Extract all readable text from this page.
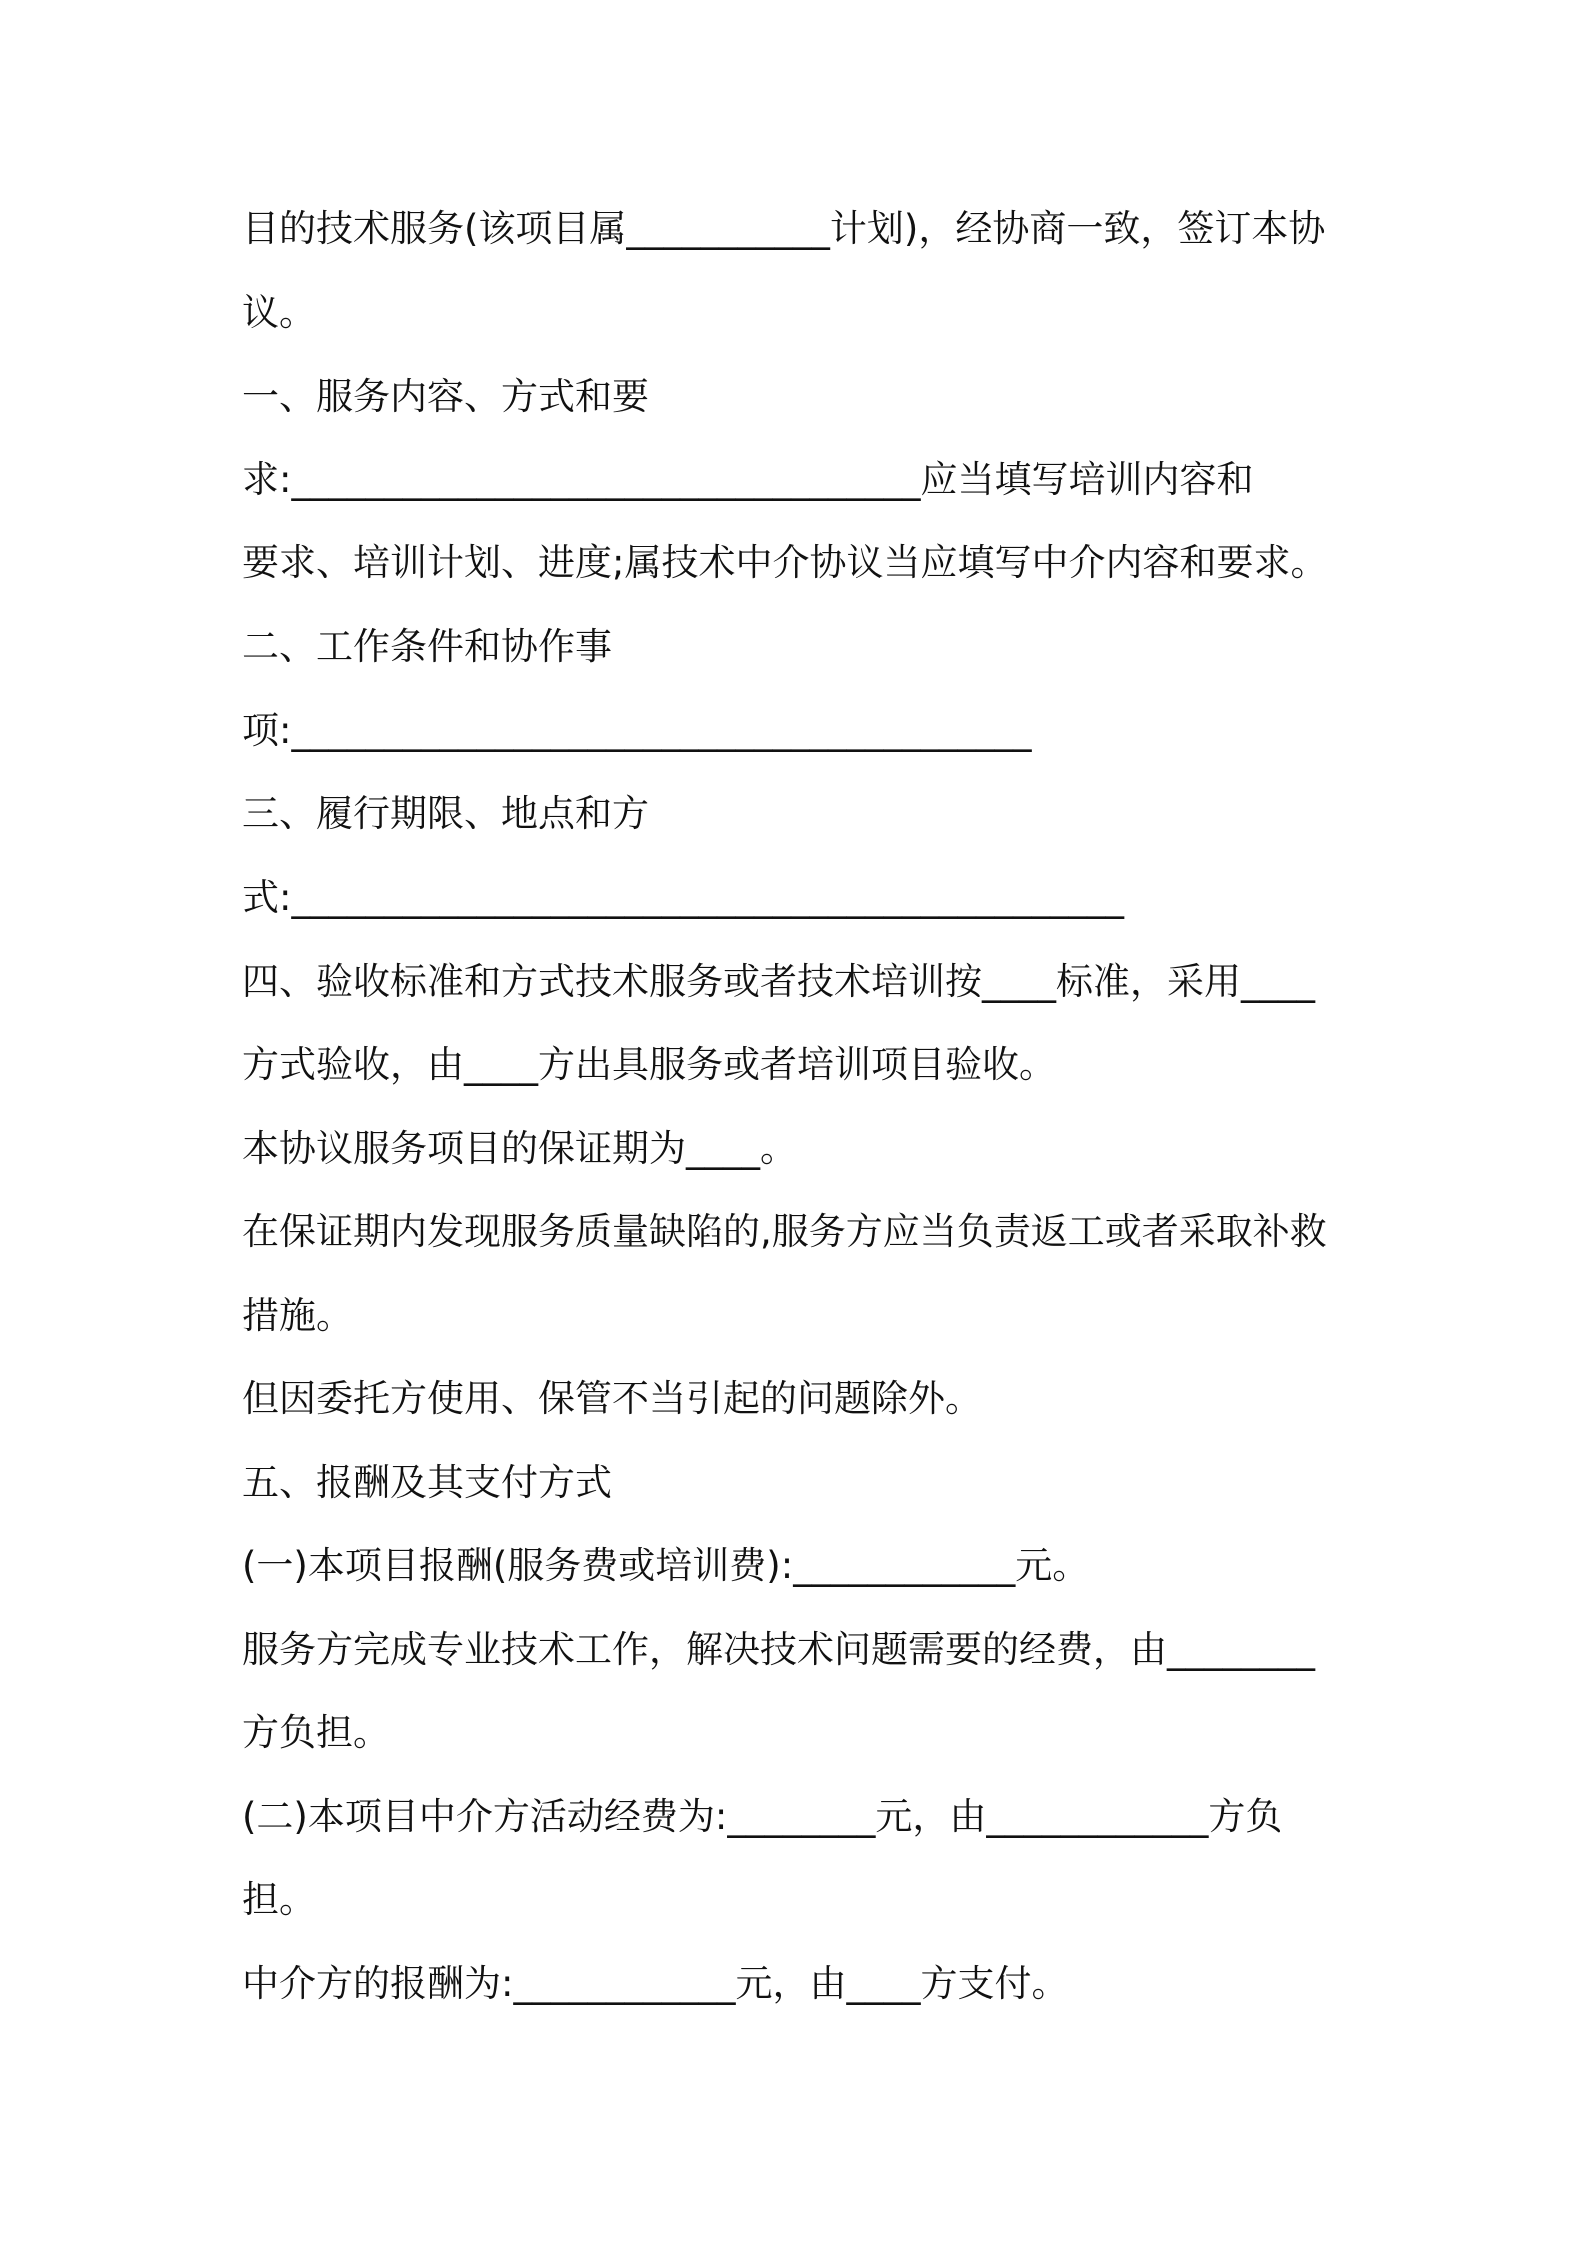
目的技术服务(该项目属___________计划)，经协商一致，签订本协
议。
一、服务内容、方式和要
求:__________________________________应当填写培训内容和
要求、培训计划、进度;属技术中介协议当应填写中介内容和要求。
二、工作条件和协作事
项:________________________________________
三、履行期限、地点和方
式:_____________________________________________
四、验收标准和方式技术服务或者技术培训按____标准，采用____
方式验收，由____方出具服务或者培训项目验收。
本协议服务项目的保证期为____。
在保证期内发现服务质量缺陷的,服务方应当负责返工或者采取补救
措施。
但因委托方使用、保管不当引起的问题除外。
五、报酬及其支付方式
(一)本项目报酬(服务费或培训费):____________元。
服务方完成专业技术工作，解决技术问题需要的经费，由________
方负担。
(二)本项目中介方活动经费为:________元，由____________方负
担。
中介方的报酬为:____________元，由____方支付。
